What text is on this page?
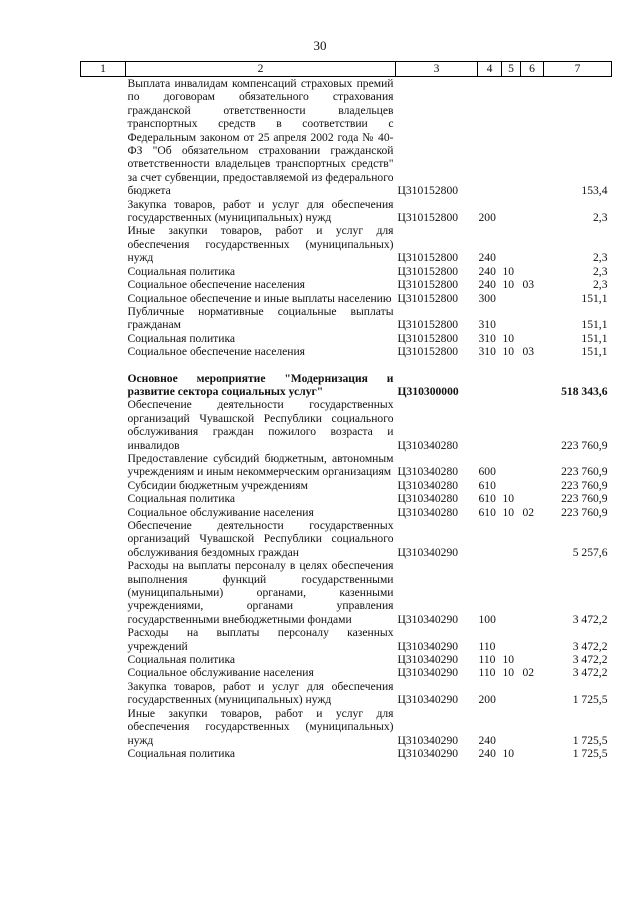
30
1	2	3	4	5	6	7
	Выплата инвалидам компенсаций страховых премий по договорам обязательного страхования гражданской ответственности владельцев транспортных средств в соответствии с Федеральным законом от 25 апреля 2002 года № 40-ФЗ "Об обязательном страховании гражданской ответственности владельцев транспортных средств" за счет субвенции, предоставляемой из федерального бюджета	Ц310152800				153,4
	Закупка товаров, работ и услуг для обеспечения государственных (муниципальных) нужд	Ц310152800	200			2,3
	Иные закупки товаров, работ и услуг для обеспечения государственных (муниципальных) нужд	Ц310152800	240			2,3
	Социальная политика	Ц310152800	240	10		2,3
	Социальное обеспечение населения	Ц310152800	240	10	03	2,3
	Социальное обеспечение и иные выплаты населению	Ц310152800	300			151,1
	Публичные нормативные социальные выплаты гражданам	Ц310152800	310			151,1
	Социальная политика	Ц310152800	310	10		151,1
	Социальное обеспечение населения	Ц310152800	310	10	03	151,1

	Основное мероприятие "Модернизация и развитие сектора социальных услуг"	Ц310300000				518 343,6
	Обеспечение деятельности государственных организаций Чувашской Республики социального обслуживания граждан пожилого возраста и инвалидов	Ц310340280				223 760,9
	Предоставление субсидий бюджетным, автономным учреждениям и иным некоммерческим организациям	Ц310340280	600			223 760,9
	Субсидии бюджетным учреждениям	Ц310340280	610			223 760,9
	Социальная политика	Ц310340280	610	10		223 760,9
	Социальное обслуживание населения	Ц310340280	610	10	02	223 760,9
	Обеспечение деятельности государственных организаций Чувашской Республики социального обслуживания бездомных граждан	Ц310340290				5 257,6
	Расходы на выплаты персоналу в целях обеспечения выполнения функций государственными (муниципальными) органами, казенными учреждениями, органами управления государственными внебюджетными фондами	Ц310340290	100			3 472,2
	Расходы на выплаты персоналу казенных учреждений	Ц310340290	110			3 472,2
	Социальная политика	Ц310340290	110	10		3 472,2
	Социальное обслуживание населения	Ц310340290	110	10	02	3 472,2
	Закупка товаров, работ и услуг для обеспечения государственных (муниципальных) нужд	Ц310340290	200			1 725,5
	Иные закупки товаров, работ и услуг для обеспечения государственных (муниципальных) нужд	Ц310340290	240			1 725,5
	Социальная политика	Ц310340290	240	10		1 725,5
